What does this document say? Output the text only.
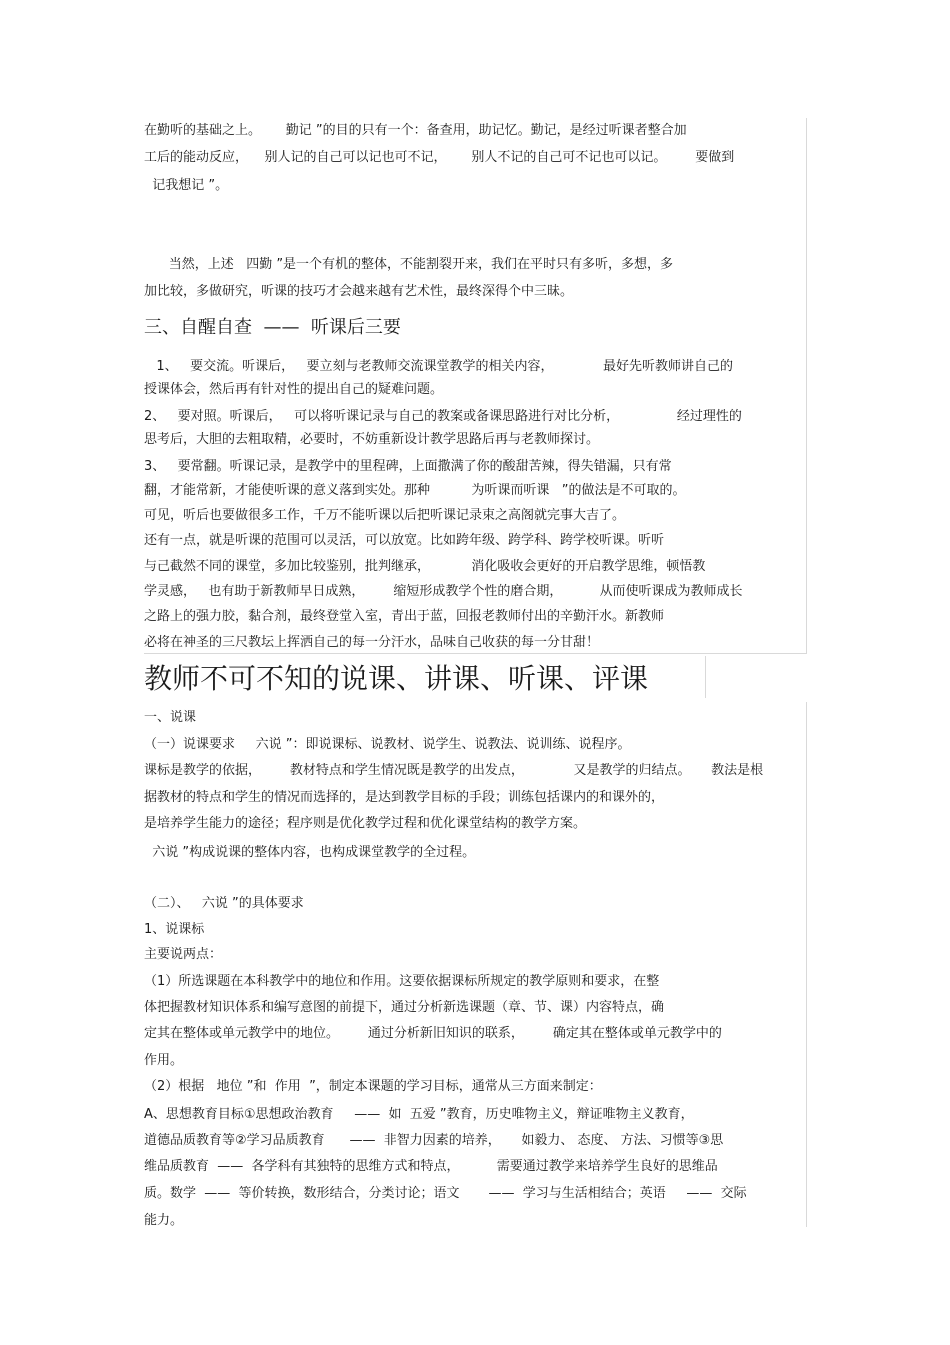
在勤听的基础之上。      勤记 ”的目的只有一个：备查用，助记忆。勤记，是经过听课者整合加
工后的能动反应，    别人记的自己可以记也可不记，      别人不记的自己可不记也可以记。       要做到
记我想记 ”。
当然，上述   四勤 ”是一个有机的整体，不能割裂开来，我们在平时只有多听，多想，多
加比较，多做研究，听课的技巧才会越来越有艺术性，最终深得个中三昧。
三、自醒自查  ——  听课后三要
1、   要交流。听课后，   要立刻与老教师交流课堂教学的相关内容，            最好先听教师讲自己的
授课体会，然后再有针对性的提出自己的疑难问题。
2、   要对照。听课后，   可以将听课记录与自己的教案或备课思路进行对比分析，              经过理性的
思考后，大胆的去粗取精，必要时，不妨重新设计教学思路后再与老教师探讨。
3、   要常翻。听课记录，是教学中的里程碑，上面撒满了你的酸甜苦辣，得失错漏，只有常
翻，才能常新，才能使听课的意义落到实处。那种          为听课而听课   ”的做法是不可取的。
可见，听后也要做很多工作，千万不能听课以后把听课记录束之高阁就完事大吉了。
还有一点，就是听课的范围可以灵活，可以放宽。比如跨年级、跨学科、跨学校听课。听听
与己截然不同的课堂，多加比较鉴别，批判继承，          消化吸收会更好的开启教学思维，顿悟教
学灵感，   也有助于新教师早日成熟，       缩短形成教学个性的磨合期，         从而使听课成为教师成长
之路上的强力胶，黏合剂，最终登堂入室，青出于蓝，回报老教师付出的辛勤汗水。新教师
必将在神圣的三尺教坛上挥洒自己的每一分汗水，品味自己收获的每一分甘甜！
教师不可不知的说课、讲课、听课、评课
一、说课
（一）说课要求     六说 ”：即说课标、说教材、说学生、说教法、说训练、说程序。
课标是教学的依据，       教材特点和学生情况既是教学的出发点，            又是教学的归结点。     教法是根
据教材的特点和学生的情况而选择的，是达到教学目标的手段；训练包括课内的和课外的，
是培养学生能力的途径；程序则是优化教学过程和优化课堂结构的教学方案。
六说 ”构成说课的整体内容，也构成课堂教学的全过程。
（二）、   六说 ”的具体要求
1、说课标
主要说两点：
（1）所选课题在本科教学中的地位和作用。这要依据课标所规定的教学原则和要求，在整
体把握教材知识体系和编写意图的前提下，通过分析新选课题（章、节、课）内容特点，确
定其在整体或单元教学中的地位。       通过分析新旧知识的联系，       确定其在整体或单元教学中的
作用。
（2）根据   地位 ”和  作用  ”，制定本课题的学习目标，通常从三方面来制定：
A、思想教育目标①思想政治教育     ——  如  五爱 ”教育，历史唯物主义，辩证唯物主义教育，
道德品质教育等②学习品质教育      ——  非智力因素的培养，     如毅力、 态度、 方法、习惯等③思
维品质教育  ——  各学科有其独特的思维方式和特点，         需要通过教学来培养学生良好的思维品
质。数学  ——  等价转换，数形结合，分类讨论；语文       ——  学习与生活相结合；英语     ——  交际
能力。
